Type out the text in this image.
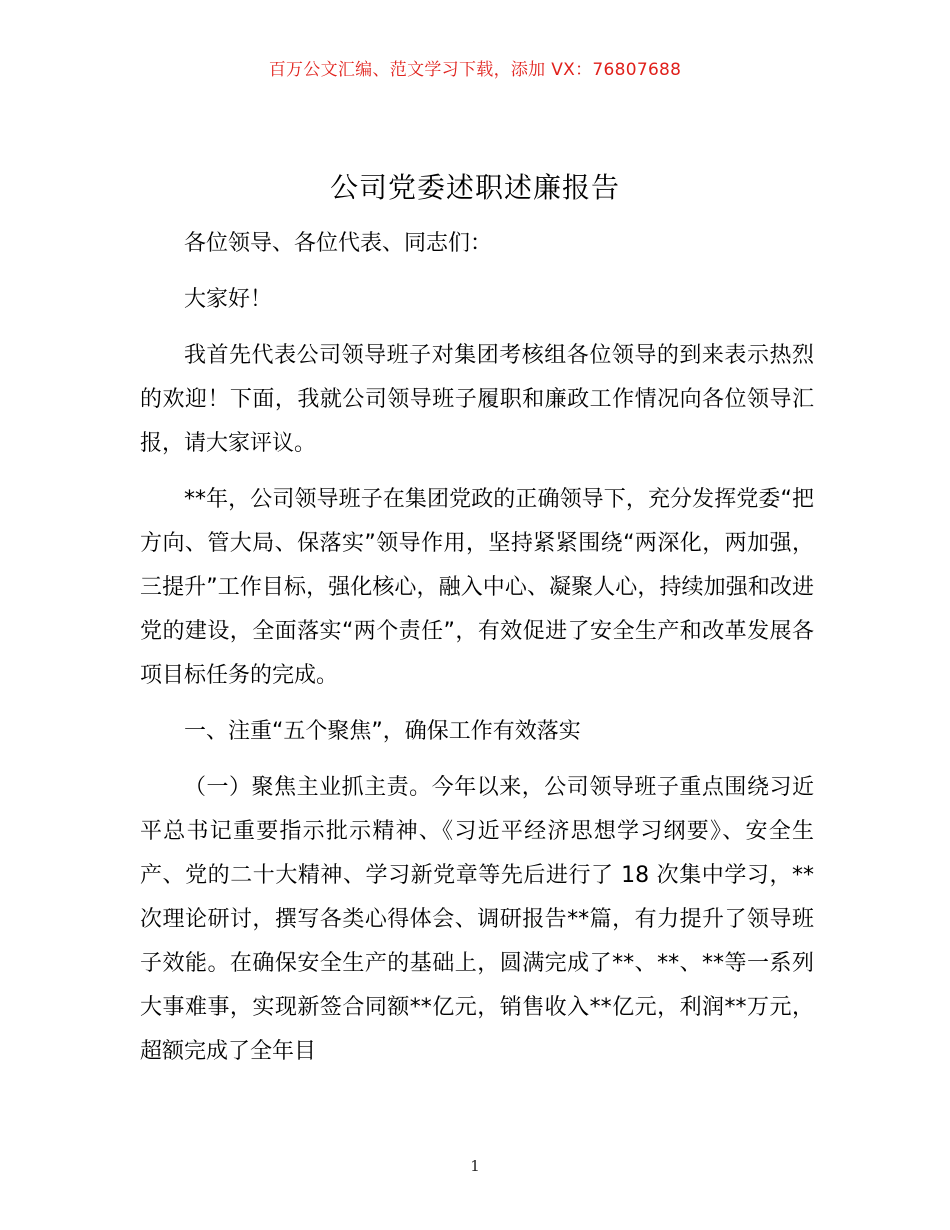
百万公文汇编、范文学习下载，添加 VX：76807688
公司党委述职述廉报告

各位领导、各位代表、同志们：

大家好！

我首先代表公司领导班子对集团考核组各位领导的到来表示热烈的欢迎！下面，我就公司领导班子履职和廉政工作情况向各位领导汇报，请大家评议。

**年，公司领导班子在集团党政的正确领导下，充分发挥党委“把方向、管大局、保落实”领导作用，坚持紧紧围绕“两深化，两加强，三提升”工作目标，强化核心，融入中心、凝聚人心，持续加强和改进党的建设，全面落实“两个责任”，有效促进了安全生产和改革发展各项目标任务的完成。

一、注重“五个聚焦”，确保工作有效落实

（一）聚焦主业抓主责。今年以来，公司领导班子重点围绕习近平总书记重要指示批示精神、《习近平经济思想学习纲要》、安全生产、党的二十大精神、学习新党章等先后进行了 18 次集中学习，**次理论研讨，撰写各类心得体会、调研报告**篇，有力提升了领导班子效能。在确保安全生产的基础上，圆满完成了**、**、**等一系列大事难事，实现新签合同额**亿元，销售收入**亿元，利润**万元，超额完成了全年目

1
